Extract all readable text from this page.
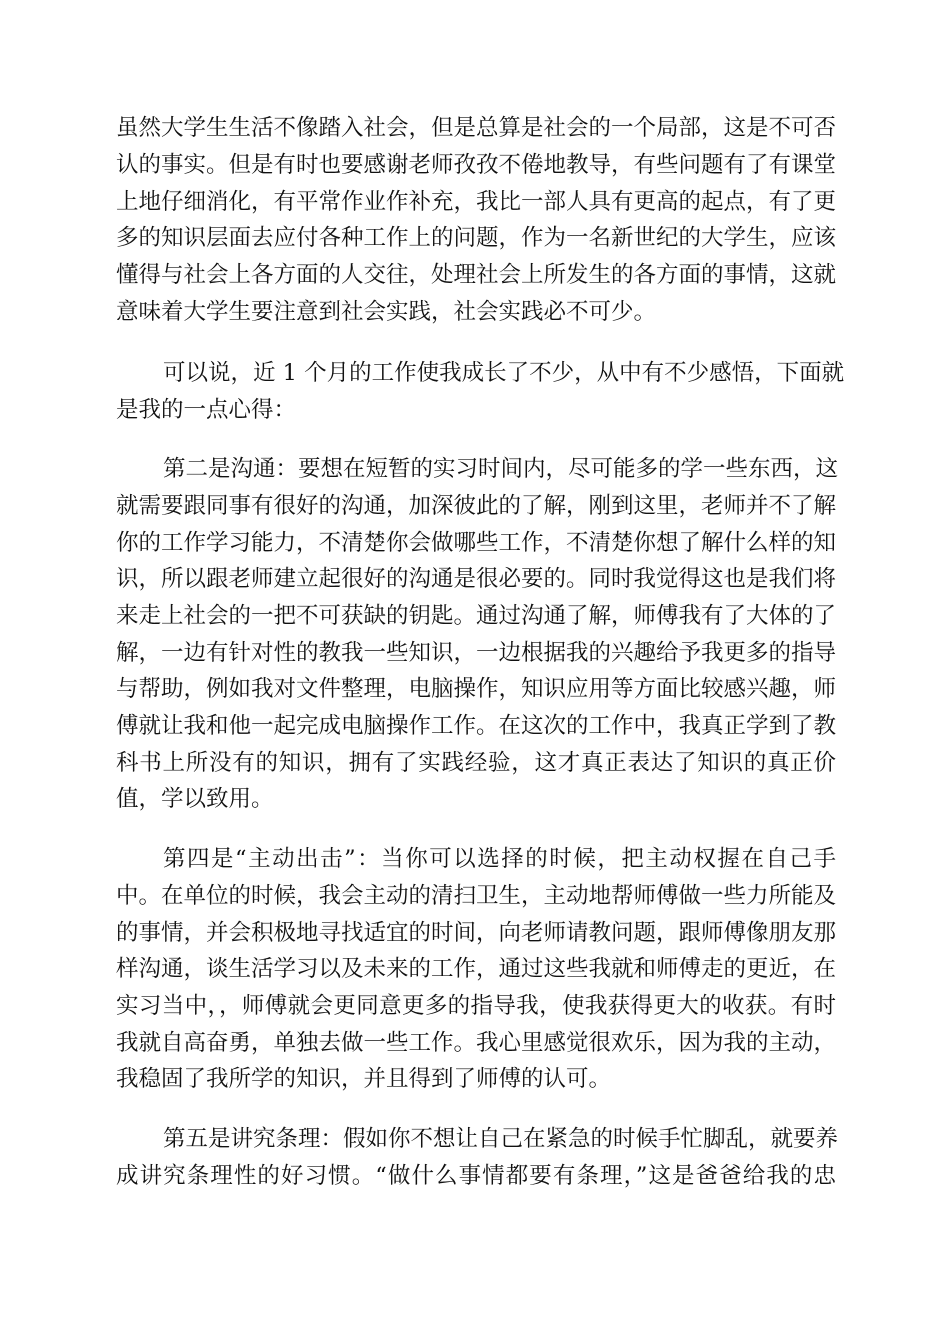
虽然大学生生活不像踏入社会，但是总算是社会的一个局部，这是不可否
认的事实。但是有时也要感谢老师孜孜不倦地教导，有些问题有了有课堂
上地仔细消化，有平常作业作补充，我比一部人具有更高的起点，有了更
多的知识层面去应付各种工作上的问题，作为一名新世纪的大学生，应该
懂得与社会上各方面的人交往，处理社会上所发生的各方面的事情，这就
意味着大学生要注意到社会实践，社会实践必不可少。
可以说，近 1 个月的工作使我成长了不少，从中有不少感悟，下面就
是我的一点心得：
第二是沟通：要想在短暂的实习时间内，尽可能多的学一些东西，这
就需要跟同事有很好的沟通，加深彼此的了解，刚到这里，老师并不了解
你的工作学习能力，不清楚你会做哪些工作，不清楚你想了解什么样的知
识，所以跟老师建立起很好的沟通是很必要的。同时我觉得这也是我们将
来走上社会的一把不可获缺的钥匙。通过沟通了解，师傅我有了大体的了
解，一边有针对性的教我一些知识，一边根据我的兴趣给予我更多的指导
与帮助，例如我对文件整理，电脑操作，知识应用等方面比较感兴趣，师
傅就让我和他一起完成电脑操作工作。在这次的工作中，我真正学到了教
科书上所没有的知识，拥有了实践经验，这才真正表达了知识的真正价
值，学以致用。
第四是“主动出击”：当你可以选择的时候，把主动权握在自己手
中。在单位的时候，我会主动的清扫卫生，主动地帮师傅做一些力所能及
的事情，并会积极地寻找适宜的时间，向老师请教问题，跟师傅像朋友那
样沟通，谈生活学习以及未来的工作，通过这些我就和师傅走的更近，在
实习当中，，师傅就会更同意更多的指导我，使我获得更大的收获。有时
我就自高奋勇，单独去做一些工作。我心里感觉很欢乐，因为我的主动，
我稳固了我所学的知识，并且得到了师傅的认可。
第五是讲究条理：假如你不想让自己在紧急的时候手忙脚乱，就要养
成讲究条理性的好习惯。“做什么事情都要有条理，”这是爸爸给我的忠
